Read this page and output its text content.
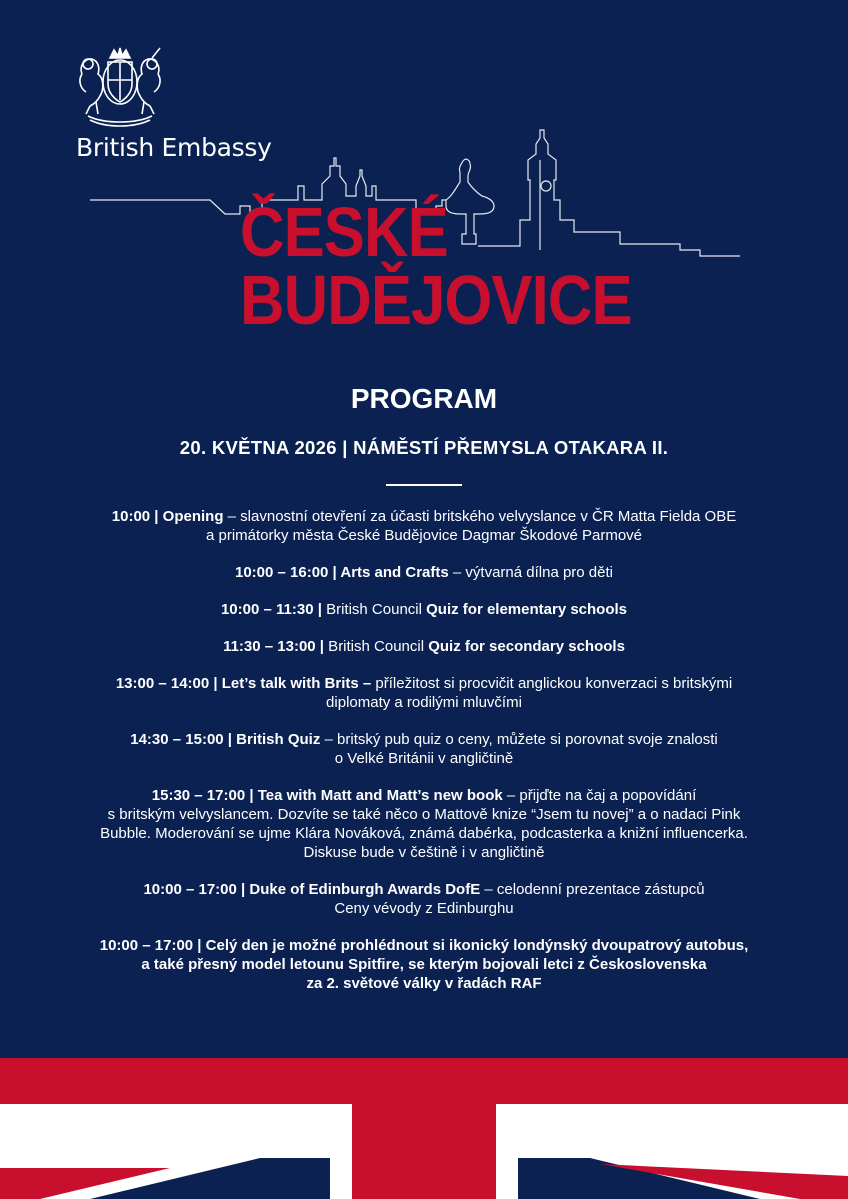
British Embassy
ČESKÉ
BUDĚJOVICE
PROGRAM
20. KVĚTNA 2026 | NÁMĚSTÍ PŘEMYSLA OTAKARA II.
10:00 | Opening – slavnostní otevření za účasti britského velvyslance v ČR Matta Fielda OBE
a primátorky města České Budějovice Dagmar Škodové Parmové
10:00 – 16:00 | Arts and Crafts – výtvarná dílna pro děti
10:00 – 11:30 | British Council Quiz for elementary schools
11:30 – 13:00 | British Council Quiz for secondary schools
13:00 – 14:00 | Let’s talk with Brits – příležitost si procvičit anglickou konverzaci s britskými
diplomaty a rodilými mluvčími
14:30 – 15:00 | British Quiz – britský pub quiz o ceny, můžete si porovnat svoje znalosti
o Velké Británii v angličtině
15:30 – 17:00 | Tea with Matt and Matt’s new book – přijďte na čaj a popovídání
s britským velvyslancem. Dozvíte se také něco o Mattově knize “Jsem tu novej” a o nadaci Pink
Bubble. Moderování se ujme Klára Nováková, známá dabérka, podcasterka a knižní influencerka.
Diskuse bude v češtině i v angličtině
10:00 – 17:00 | Duke of Edinburgh Awards DofE – celodenní prezentace zástupců
Ceny vévody z Edinburghu
10:00 – 17:00 | Celý den je možné prohlédnout si ikonický londýnský dvoupatrový autobus,
a také přesný model letounu Spitfire, se kterým bojovali letci z Československa
za 2. světové války v řadách RAF
